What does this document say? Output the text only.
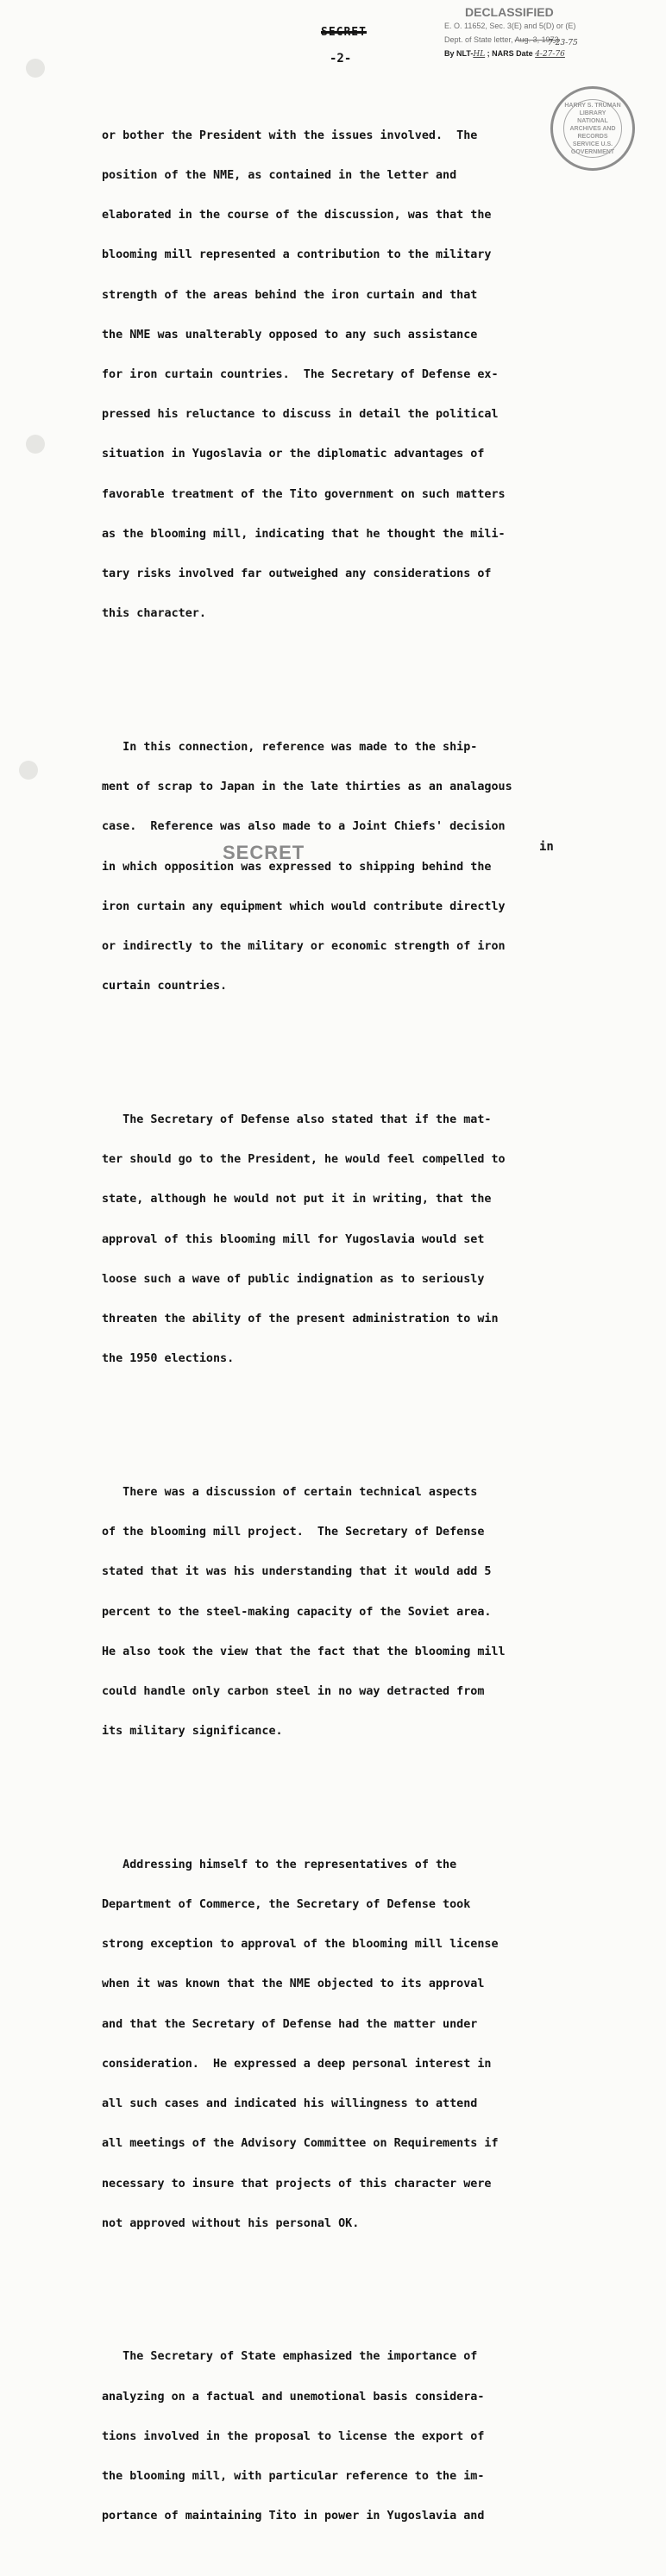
SECRET
-2-
DECLASSIFIED
E. O. 11652, Sec. 3(E) and 5(D) or (E)
Dept. of State letter, Aug. 3, 1973
7-23-75
By NLT-HL ; NARS Date 4-27-76
HARRY S. TRUMAN LIBRARY NATIONAL ARCHIVES AND RECORDS SERVICE U.S. GOVERNMENT

or bother the President with the issues involved.  The

position of the NME, as contained in the letter and

elaborated in the course of the discussion, was that the

blooming mill represented a contribution to the military

strength of the areas behind the iron curtain and that

the NME was unalterably opposed to any such assistance

for iron curtain countries.  The Secretary of Defense ex-

pressed his reluctance to discuss in detail the political

situation in Yugoslavia or the diplomatic advantages of

favorable treatment of the Tito government on such matters

as the blooming mill, indicating that he thought the mili-

tary risks involved far outweighed any considerations of

this character.

In this connection, reference was made to the ship-

ment of scrap to Japan in the late thirties as an analagous

case.  Reference was also made to a Joint Chiefs' decision

in which opposition was expressed to shipping behind the

iron curtain any equipment which would contribute directly

or indirectly to the military or economic strength of iron

curtain countries.

The Secretary of Defense also stated that if the mat-

ter should go to the President, he would feel compelled to

state, although he would not put it in writing, that the

approval of this blooming mill for Yugoslavia would set

loose such a wave of public indignation as to seriously

threaten the ability of the present administration to win

the 1950 elections.

There was a discussion of certain technical aspects

of the blooming mill project.  The Secretary of Defense

stated that it was his understanding that it would add 5

percent to the steel-making capacity of the Soviet area.

He also took the view that the fact that the blooming mill

could handle only carbon steel in no way detracted from

its military significance.

Addressing himself to the representatives of the

Department of Commerce, the Secretary of Defense took

strong exception to approval of the blooming mill license

when it was known that the NME objected to its approval

and that the Secretary of Defense had the matter under

consideration.  He expressed a deep personal interest in

all such cases and indicated his willingness to attend

all meetings of the Advisory Committee on Requirements if

necessary to insure that projects of this character were

not approved without his personal OK.

The Secretary of State emphasized the importance of

analyzing on a factual and unemotional basis considera-

tions involved in the proposal to license the export of

the blooming mill, with particular reference to the im-

portance of maintaining Tito in power in Yugoslavia and

SECRET	in
